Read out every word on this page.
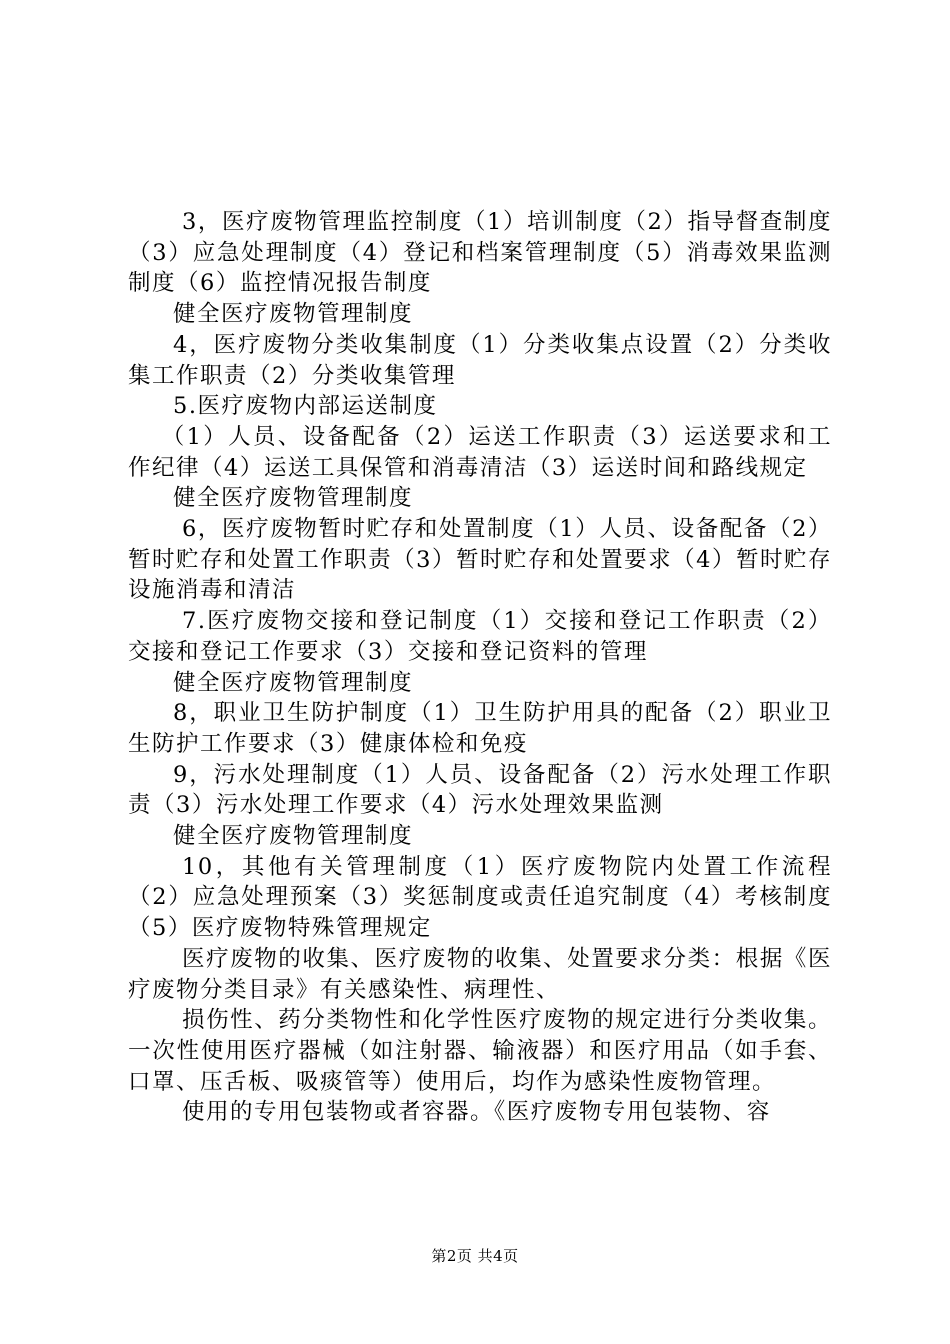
3，医疗废物管理监控制度（1）培训制度（2）指导督查制度（3）应急处理制度（4）登记和档案管理制度（5）消毒效果监测制度（6）监控情况报告制度

健全医疗废物管理制度

4，医疗废物分类收集制度（1）分类收集点设置（2）分类收集工作职责（2）分类收集管理

5.医疗废物内部运送制度

（1）人员、设备配备（2）运送工作职责（3）运送要求和工作纪律（4）运送工具保管和消毒清洁（3）运送时间和路线规定

健全医疗废物管理制度

6，医疗废物暂时贮存和处置制度（1）人员、设备配备（2）暂时贮存和处置工作职责（3）暂时贮存和处置要求（4）暂时贮存设施消毒和清洁

7.医疗废物交接和登记制度（1）交接和登记工作职责（2）交接和登记工作要求（3）交接和登记资料的管理

健全医疗废物管理制度

8，职业卫生防护制度（1）卫生防护用具的配备（2）职业卫生防护工作要求（3）健康体检和免疫

9，污水处理制度（1）人员、设备配备（2）污水处理工作职责（3）污水处理工作要求（4）污水处理效果监测

健全医疗废物管理制度

10，其他有关管理制度（1）医疗废物院内处置工作流程（2）应急处理预案（3）奖惩制度或责任追究制度（4）考核制度（5）医疗废物特殊管理规定

医疗废物的收集、医疗废物的收集、处置要求分类：根据《医疗废物分类目录》有关感染性、病理性、

损伤性、药分类物性和化学性医疗废物的规定进行分类收集。一次性使用医疗器械（如注射器、输液器）和医疗用品（如手套、口罩、压舌板、吸痰管等）使用后，均作为感染性废物管理。

使用的专用包装物或者容器。《医疗废物专用包装物、容

第2页 共4页
